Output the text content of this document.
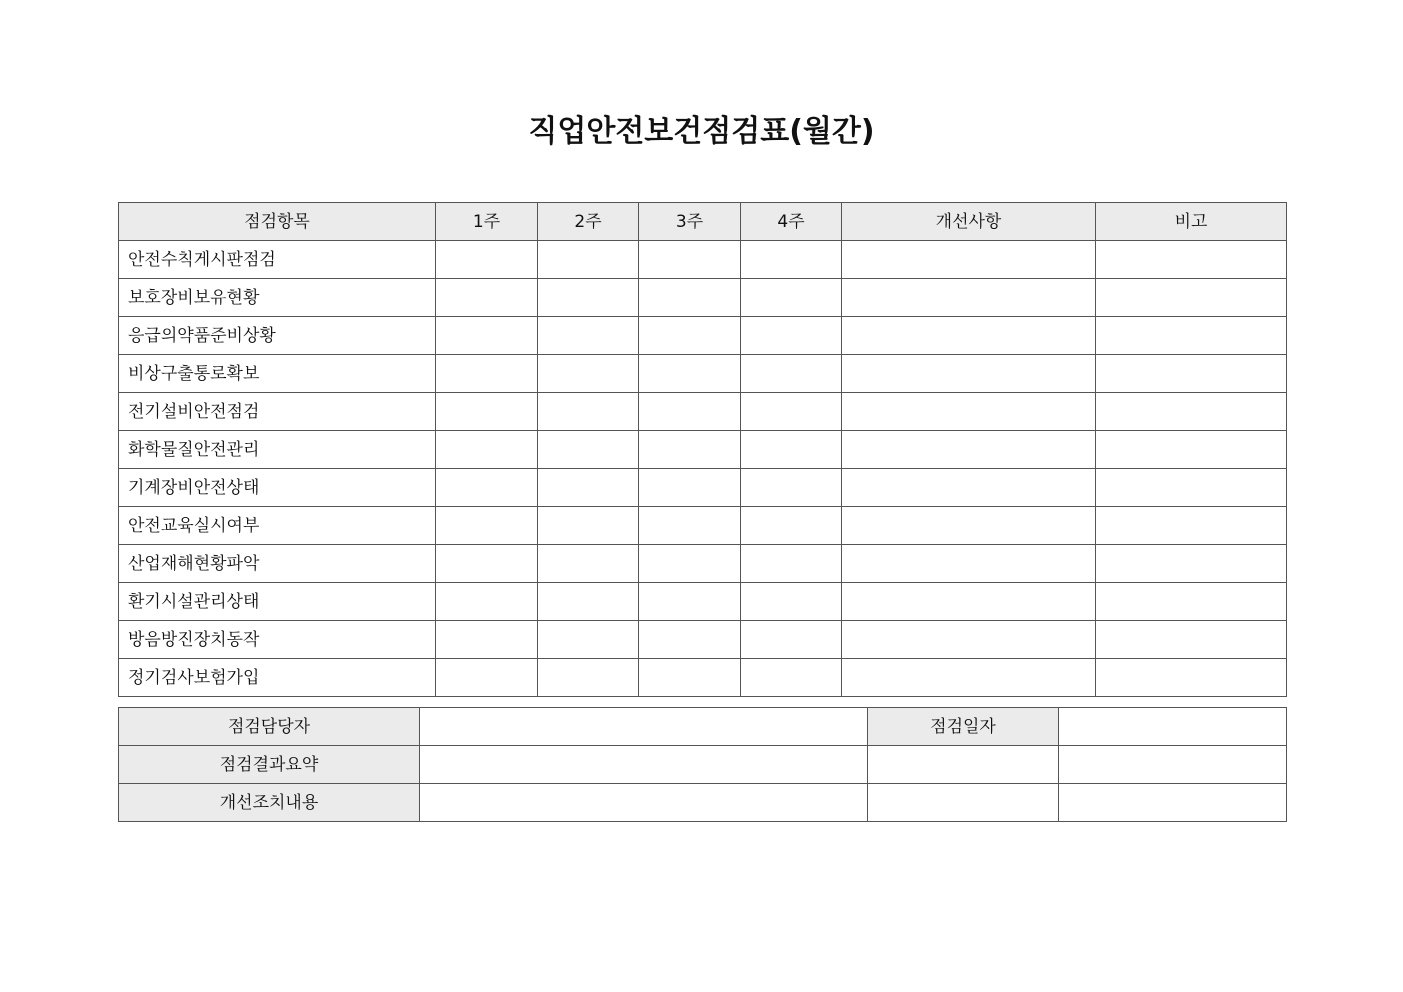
직업안전보건점검표(월간)
점검항목	1주	2주	3주	4주	개선사항	비고
안전수칙게시판점검						
보호장비보유현황						
응급의약품준비상황						
비상구출통로확보						
전기설비안전점검						
화학물질안전관리						
기계장비안전상태						
안전교육실시여부						
산업재해현황파악						
환기시설관리상태						
방음방진장치동작						
정기검사보험가입						
점검담당자		점검일자	
점검결과요약			
개선조치내용			
